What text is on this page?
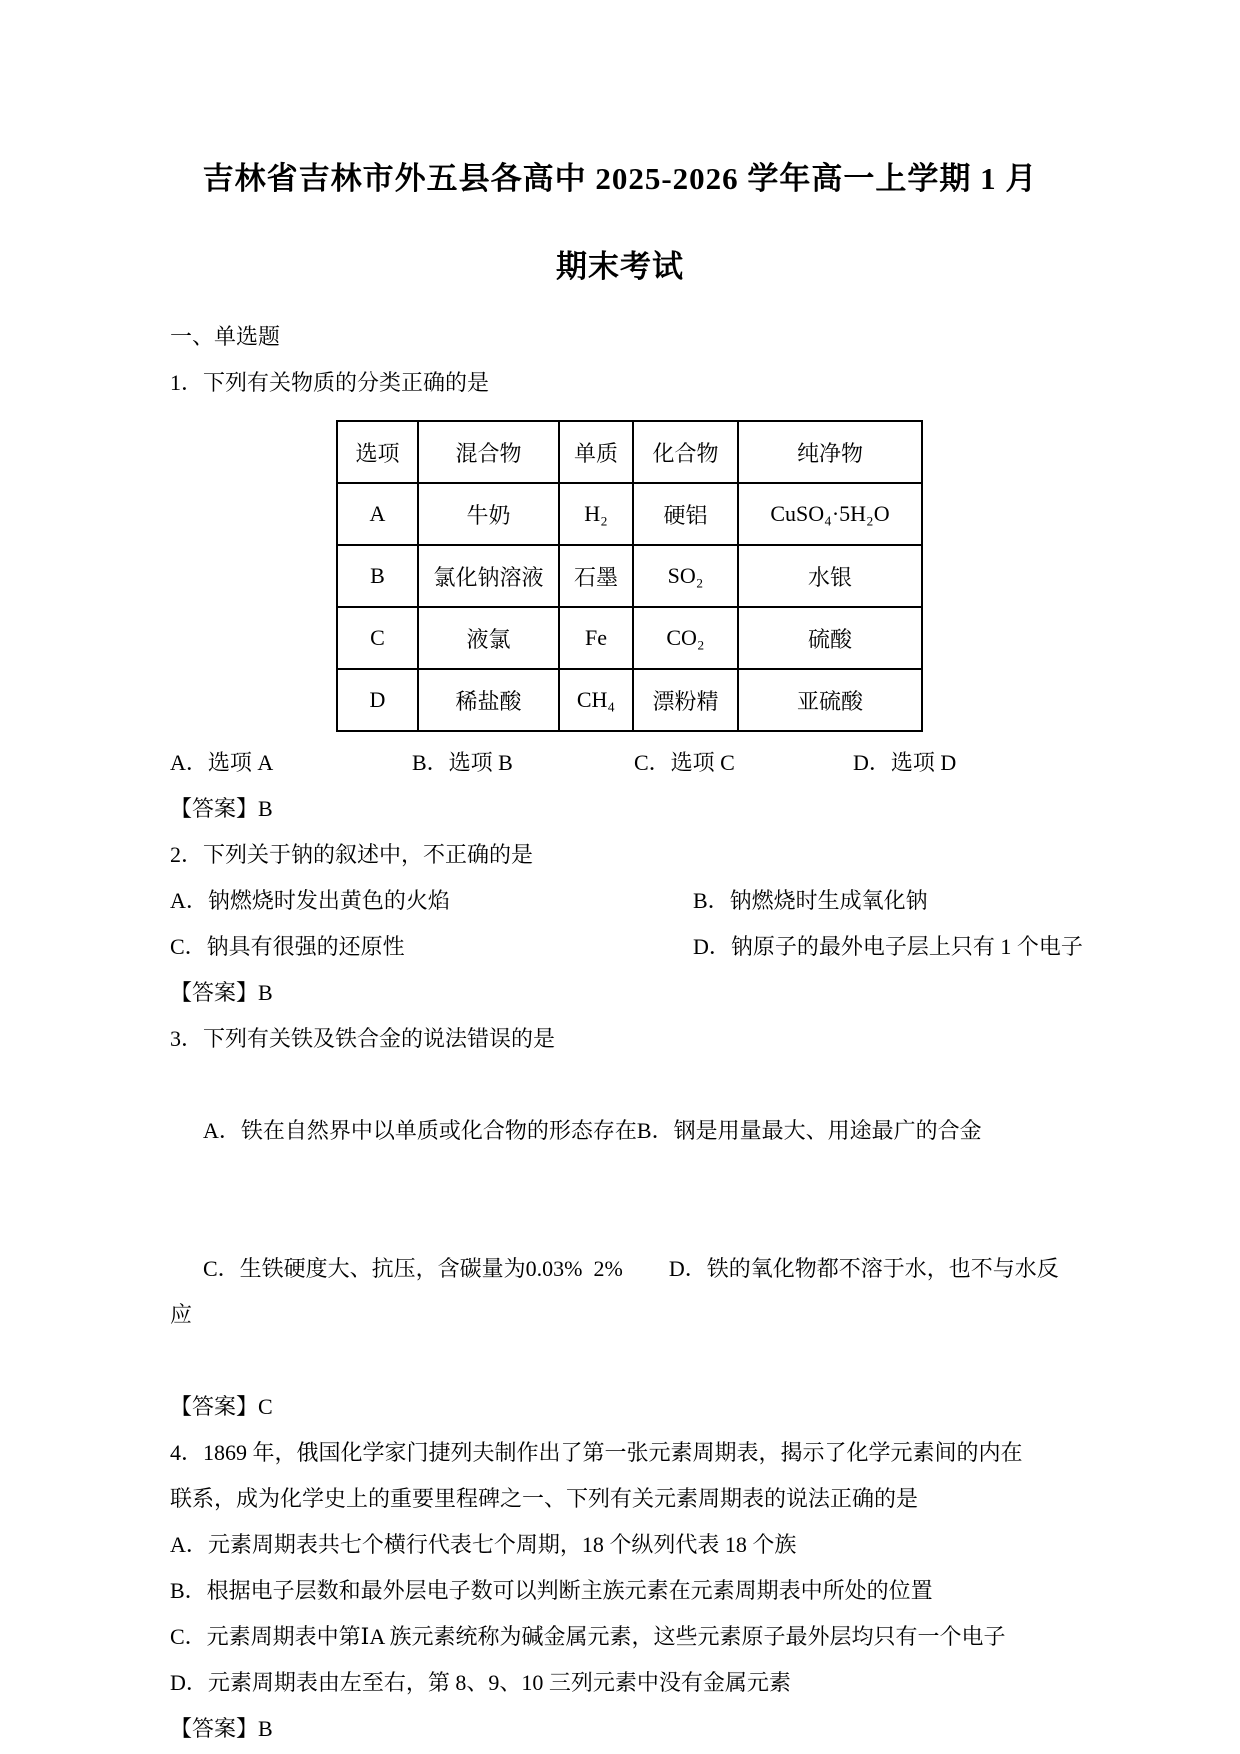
吉林省吉林市外五县各高中 2025-2026 学年高一上学期 1 月
期末考试
一、单选题
1．下列有关物质的分类正确的是
选项	混合物	单质	化合物	纯净物
A	牛奶	H₂	硬铝	CuSO₄·5H₂O
B	氯化钠溶液	石墨	SO₂	水银
C	液氯	Fe	CO₂	硫酸
D	稀盐酸	CH₄	漂粉精	亚硫酸
A．选项 A	B．选项 B	C．选项 C	D．选项 D
【答案】B
2．下列关于钠的叙述中，不正确的是
A．钠燃烧时发出黄色的火焰	B．钠燃烧时生成氧化钠
C．钠具有很强的还原性	D．钠原子的最外电子层上只有 1 个电子
【答案】B
3．下列有关铁及铁合金的说法错误的是

A．铁在自然界中以单质或化合物的形态存在B．钢是用量最大、用途最广的合金

C．生铁硬度大、抗压，含碳量为0.03%  2% D．铁的氧化物都不溶于水，也不与水反应

【答案】C
4．1869 年，俄国化学家门捷列夫制作出了第一张元素周期表，揭示了化学元素间的内在
联系，成为化学史上的重要里程碑之一、下列有关元素周期表的说法正确的是
A．元素周期表共七个横行代表七个周期，18 个纵列代表 18 个族
B．根据电子层数和最外层电子数可以判断主族元素在元素周期表中所处的位置
C．元素周期表中第ⅠA 族元素统称为碱金属元素，这些元素原子最外层均只有一个电子
D．元素周期表由左至右，第 8、9、10 三列元素中没有金属元素
【答案】B
